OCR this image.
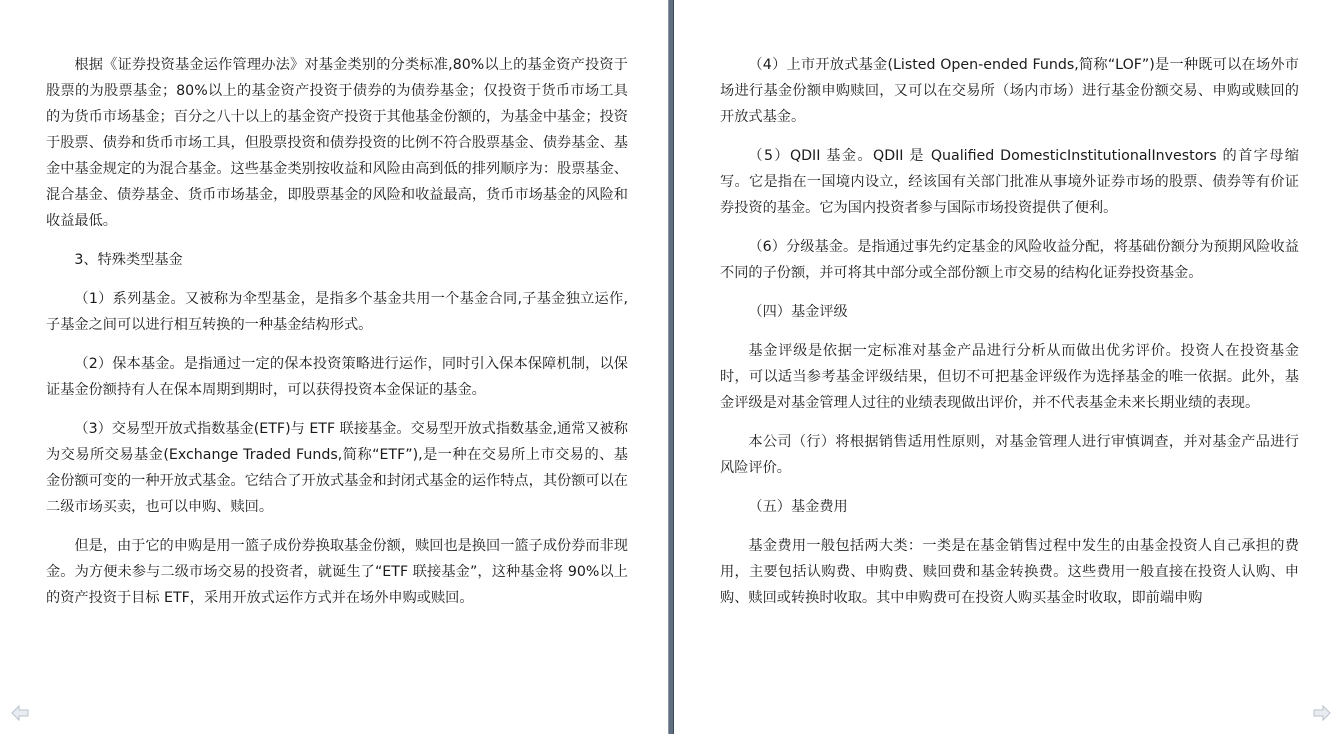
根据《证券投资基金运作管理办法》对基金类别的分类标准,80%以上的基金资产投资于股票的为股票基金；80%以上的基金资产投资于债券的为债券基金；仅投资于货币市场工具的为货币市场基金；百分之八十以上的基金资产投资于其他基金份额的，为基金中基金；投资于股票、债券和货币市场工具，但股票投资和债券投资的比例不符合股票基金、债券基金、基金中基金规定的为混合基金。这些基金类别按收益和风险由高到低的排列顺序为：股票基金、混合基金、债券基金、货币市场基金，即股票基金的风险和收益最高，货币市场基金的风险和收益最低。

3、特殊类型基金

（1）系列基金。又被称为伞型基金，是指多个基金共用一个基金合同,子基金独立运作,子基金之间可以进行相互转换的一种基金结构形式。

（2）保本基金。是指通过一定的保本投资策略进行运作，同时引入保本保障机制，以保证基金份额持有人在保本周期到期时，可以获得投资本金保证的基金。

（3）交易型开放式指数基金(ETF)与 ETF 联接基金。交易型开放式指数基金,通常又被称为交易所交易基金(Exchange Traded Funds,简称“ETF”),是一种在交易所上市交易的、基金份额可变的一种开放式基金。它结合了开放式基金和封闭式基金的运作特点，其份额可以在二级市场买卖，也可以申购、赎回。

但是，由于它的申购是用一篮子成份券换取基金份额，赎回也是换回一篮子成份券而非现金。为方便未参与二级市场交易的投资者，就诞生了“ETF 联接基金”，这种基金将 90%以上的资产投资于目标 ETF，采用开放式运作方式并在场外申购或赎回。

（4）上市开放式基金(Listed Open-ended Funds,简称“LOF”)是一种既可以在场外市场进行基金份额申购赎回，又可以在交易所（场内市场）进行基金份额交易、申购或赎回的开放式基金。

（5）QDII 基金。QDII 是 Qualified DomesticInstitutionalInvestors 的首字母缩写。它是指在一国境内设立，经该国有关部门批准从事境外证券市场的股票、债券等有价证券投资的基金。它为国内投资者参与国际市场投资提供了便利。

（6）分级基金。是指通过事先约定基金的风险收益分配，将基础份额分为预期风险收益不同的子份额，并可将其中部分或全部份额上市交易的结构化证券投资基金。

（四）基金评级

基金评级是依据一定标准对基金产品进行分析从而做出优劣评价。投资人在投资基金时，可以适当参考基金评级结果，但切不可把基金评级作为选择基金的唯一依据。此外，基金评级是对基金管理人过往的业绩表现做出评价，并不代表基金未来长期业绩的表现。

本公司（行）将根据销售适用性原则，对基金管理人进行审慎调查，并对基金产品进行风险评价。

（五）基金费用

基金费用一般包括两大类：一类是在基金销售过程中发生的由基金投资人自己承担的费用，主要包括认购费、申购费、赎回费和基金转换费。这些费用一般直接在投资人认购、申购、赎回或转换时收取。其中申购费可在投资人购买基金时收取，即前端申购
